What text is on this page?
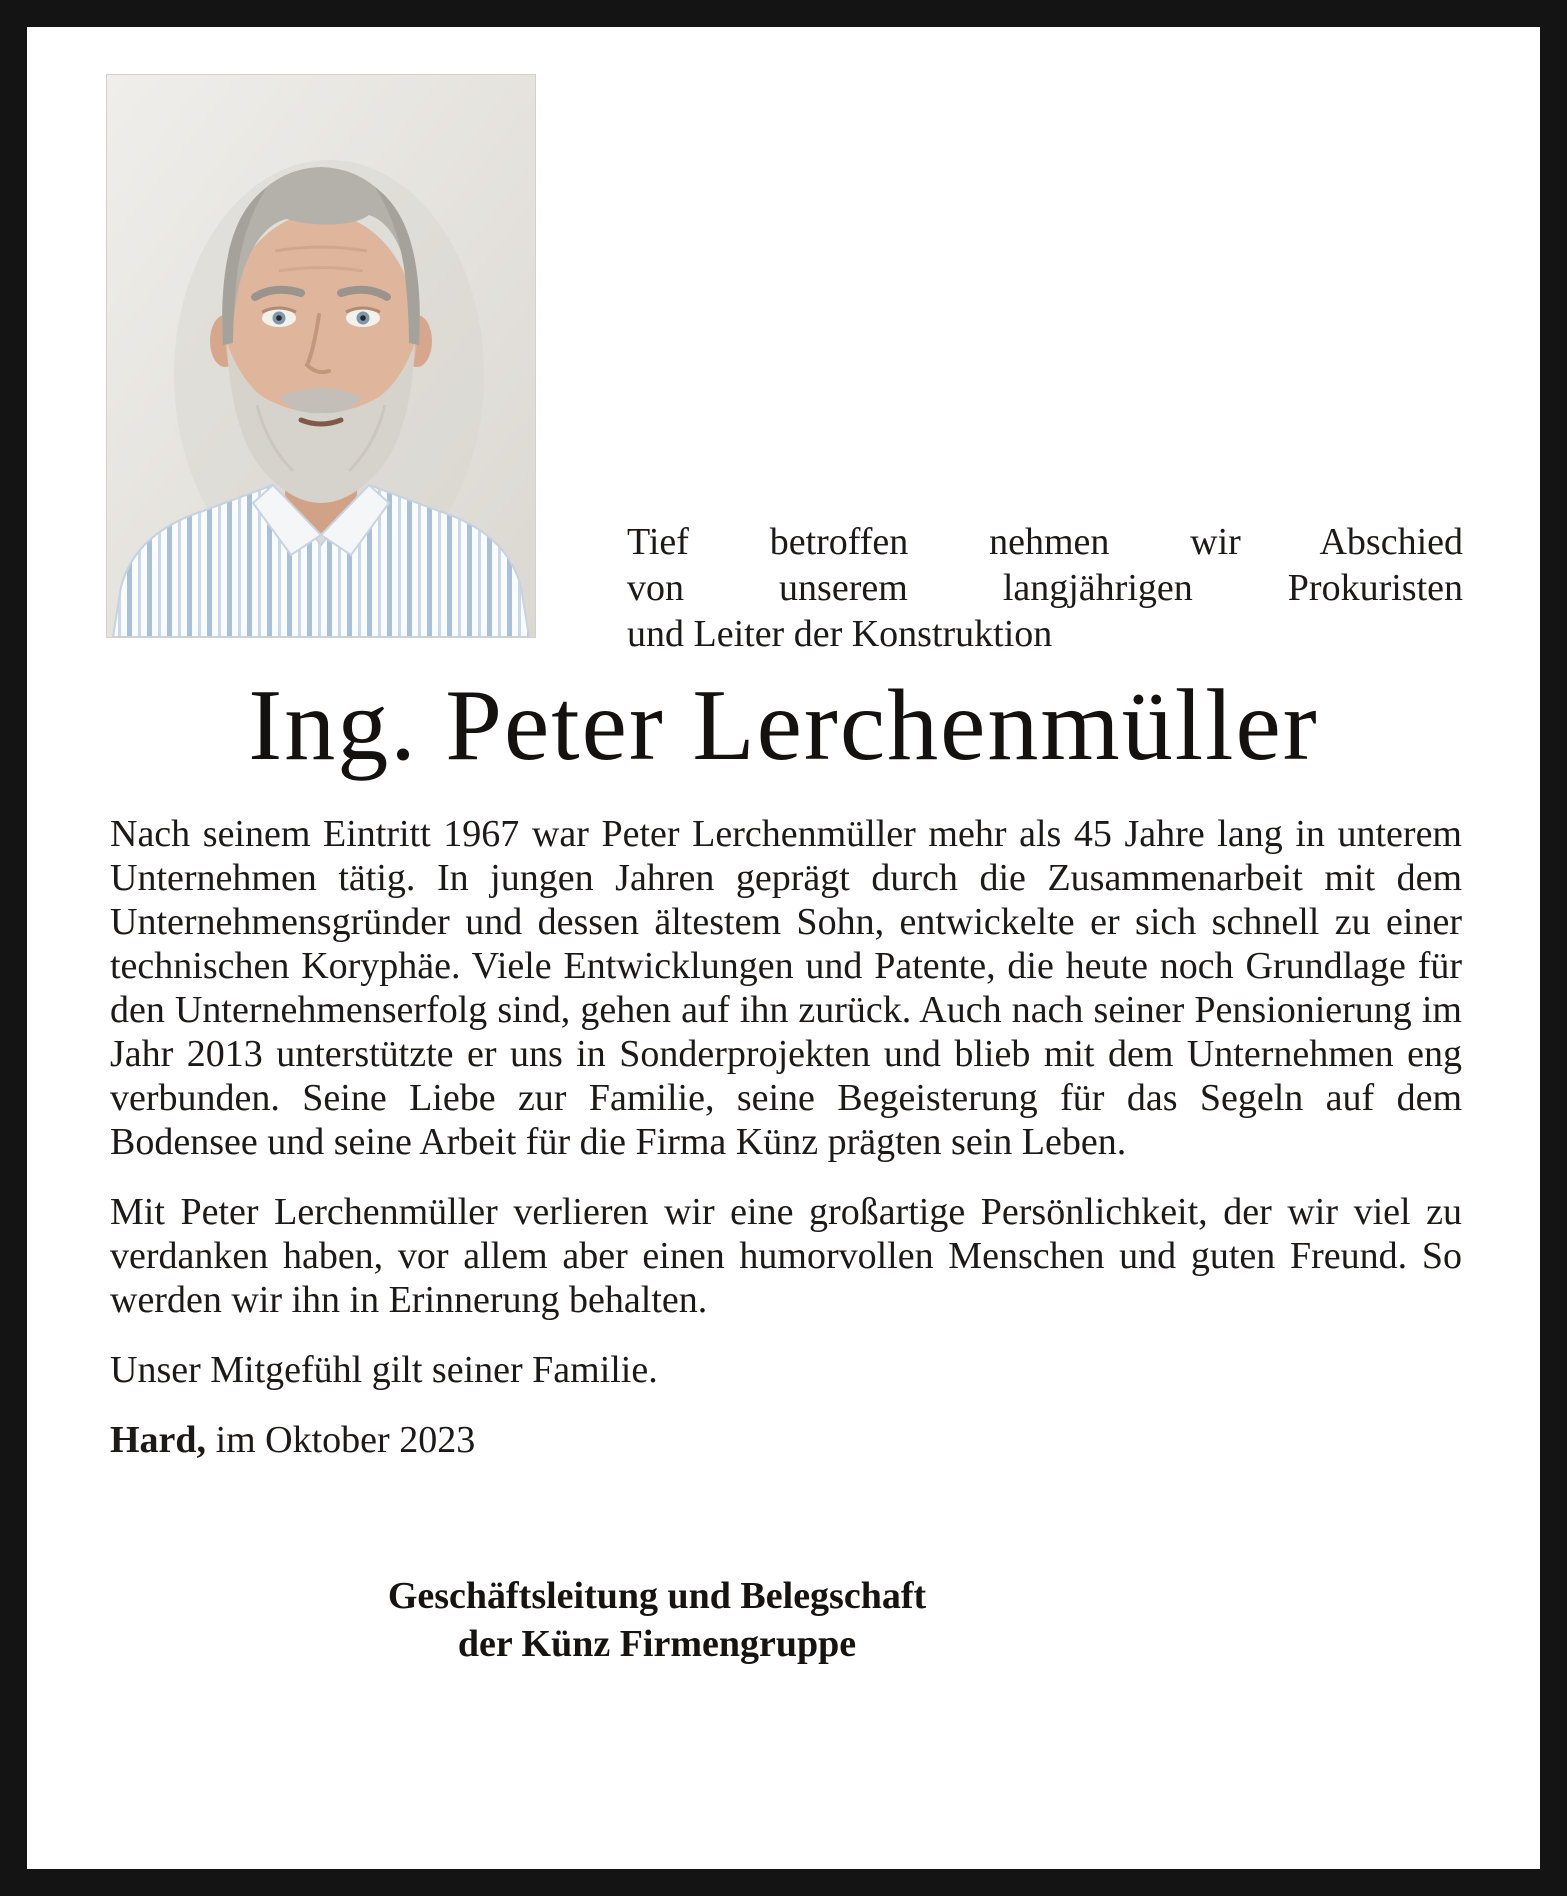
Tief betroffen nehmen wir Abschied
von unserem langjährigen Prokuristen
und Leiter der Konstruktion
Ing. Peter Lerchenmüller

Nach seinem Eintritt 1967 war Peter Lerchenmüller mehr als 45 Jahre lang in unterem Unternehmen tätig. In jungen Jahren geprägt durch die Zusammenarbeit mit dem Unternehmensgründer und dessen ältestem Sohn, entwickelte er sich schnell zu einer technischen Koryphäe. Viele Entwicklungen und Patente, die heute noch Grundlage für den Unternehmenserfolg sind, gehen auf ihn zurück. Auch nach seiner Pensionierung im Jahr 2013 unterstützte er uns in Sonderprojekten und blieb mit dem Unternehmen eng verbunden. Seine Liebe zur Familie, seine Begeisterung für das Segeln auf dem Bodensee und seine Arbeit für die Firma Künz prägten sein Leben.

Mit Peter Lerchenmüller verlieren wir eine großartige Persönlichkeit, der wir viel zu verdanken haben, vor allem aber einen humorvollen Menschen und guten Freund. So werden wir ihn in Erinnerung behalten.

Unser Mitgefühl gilt seiner Familie.

Hard, im Oktober 2023

Geschäftsleitung und Belegschaft
der Künz Firmengruppe
